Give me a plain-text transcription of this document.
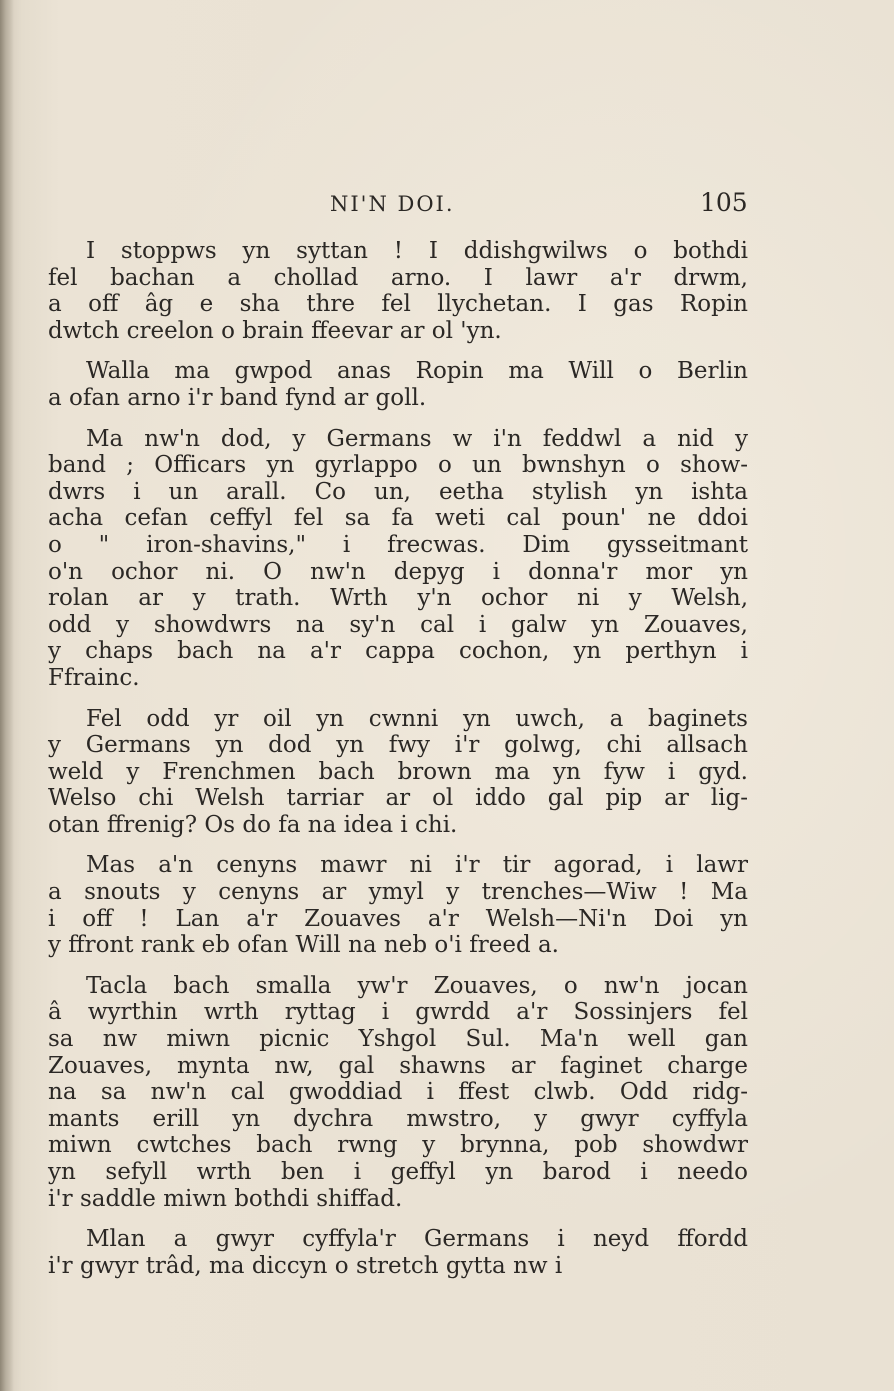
NI'N DOI.	105
I stoppws yn syttan ! I ddishgwilws o bothdi
fel bachan a chollad arno. I lawr a'r drwm,
a off âg e sha thre fel llychetan. I gas Ropin
dwtch creelon o brain ffeevar ar ol 'yn.
Walla ma gwpod anas Ropin ma Will o Berlin
a ofan arno i'r band fynd ar goll.
Ma nw'n dod, y Germans w i'n feddwl a nid y
band ; Officars yn gyrlappo o un bwnshyn o show-
dwrs i un arall. Co un, eetha stylish yn ishta
acha cefan ceffyl fel sa fa weti cal poun' ne ddoi
o " iron-shavins," i frecwas. Dim gysseitmant
o'n ochor ni. O nw'n depyg i donna'r mor yn
rolan ar y trath. Wrth y'n ochor ni y Welsh,
odd y showdwrs na sy'n cal i galw yn Zouaves,
y chaps bach na a'r cappa cochon, yn perthyn i
Ffrainc.
Fel odd yr oil yn cwnni yn uwch, a baginets
y Germans yn dod yn fwy i'r golwg, chi allsach
weld y Frenchmen bach brown ma yn fyw i gyd.
Welso chi Welsh tarriar ar ol iddo gal pip ar lig-
otan ffrenig? Os do fa na idea i chi.
Mas a'n cenyns mawr ni i'r tir agorad, i lawr
a snouts y cenyns ar ymyl y trenches—Wiw ! Ma
i off ! Lan a'r Zouaves a'r Welsh—Ni'n Doi yn
y ffront rank eb ofan Will na neb o'i freed a.
Tacla bach smalla yw'r Zouaves, o nw'n jocan
â wyrthin wrth ryttag i gwrdd a'r Sossinjers fel
sa nw miwn picnic Yshgol Sul. Ma'n well gan
Zouaves, mynta nw, gal shawns ar faginet charge
na sa nw'n cal gwoddiad i ffest clwb. Odd ridg-
mants erill yn dychra mwstro, y gwyr cyffyla
miwn cwtches bach rwng y brynna, pob showdwr
yn sefyll wrth ben i geffyl yn barod i needo
i'r saddle miwn bothdi shiffad.
Mlan a gwyr cyffyla'r Germans i neyd ffordd
i'r gwyr trâd, ma diccyn o stretch gytta nw i
